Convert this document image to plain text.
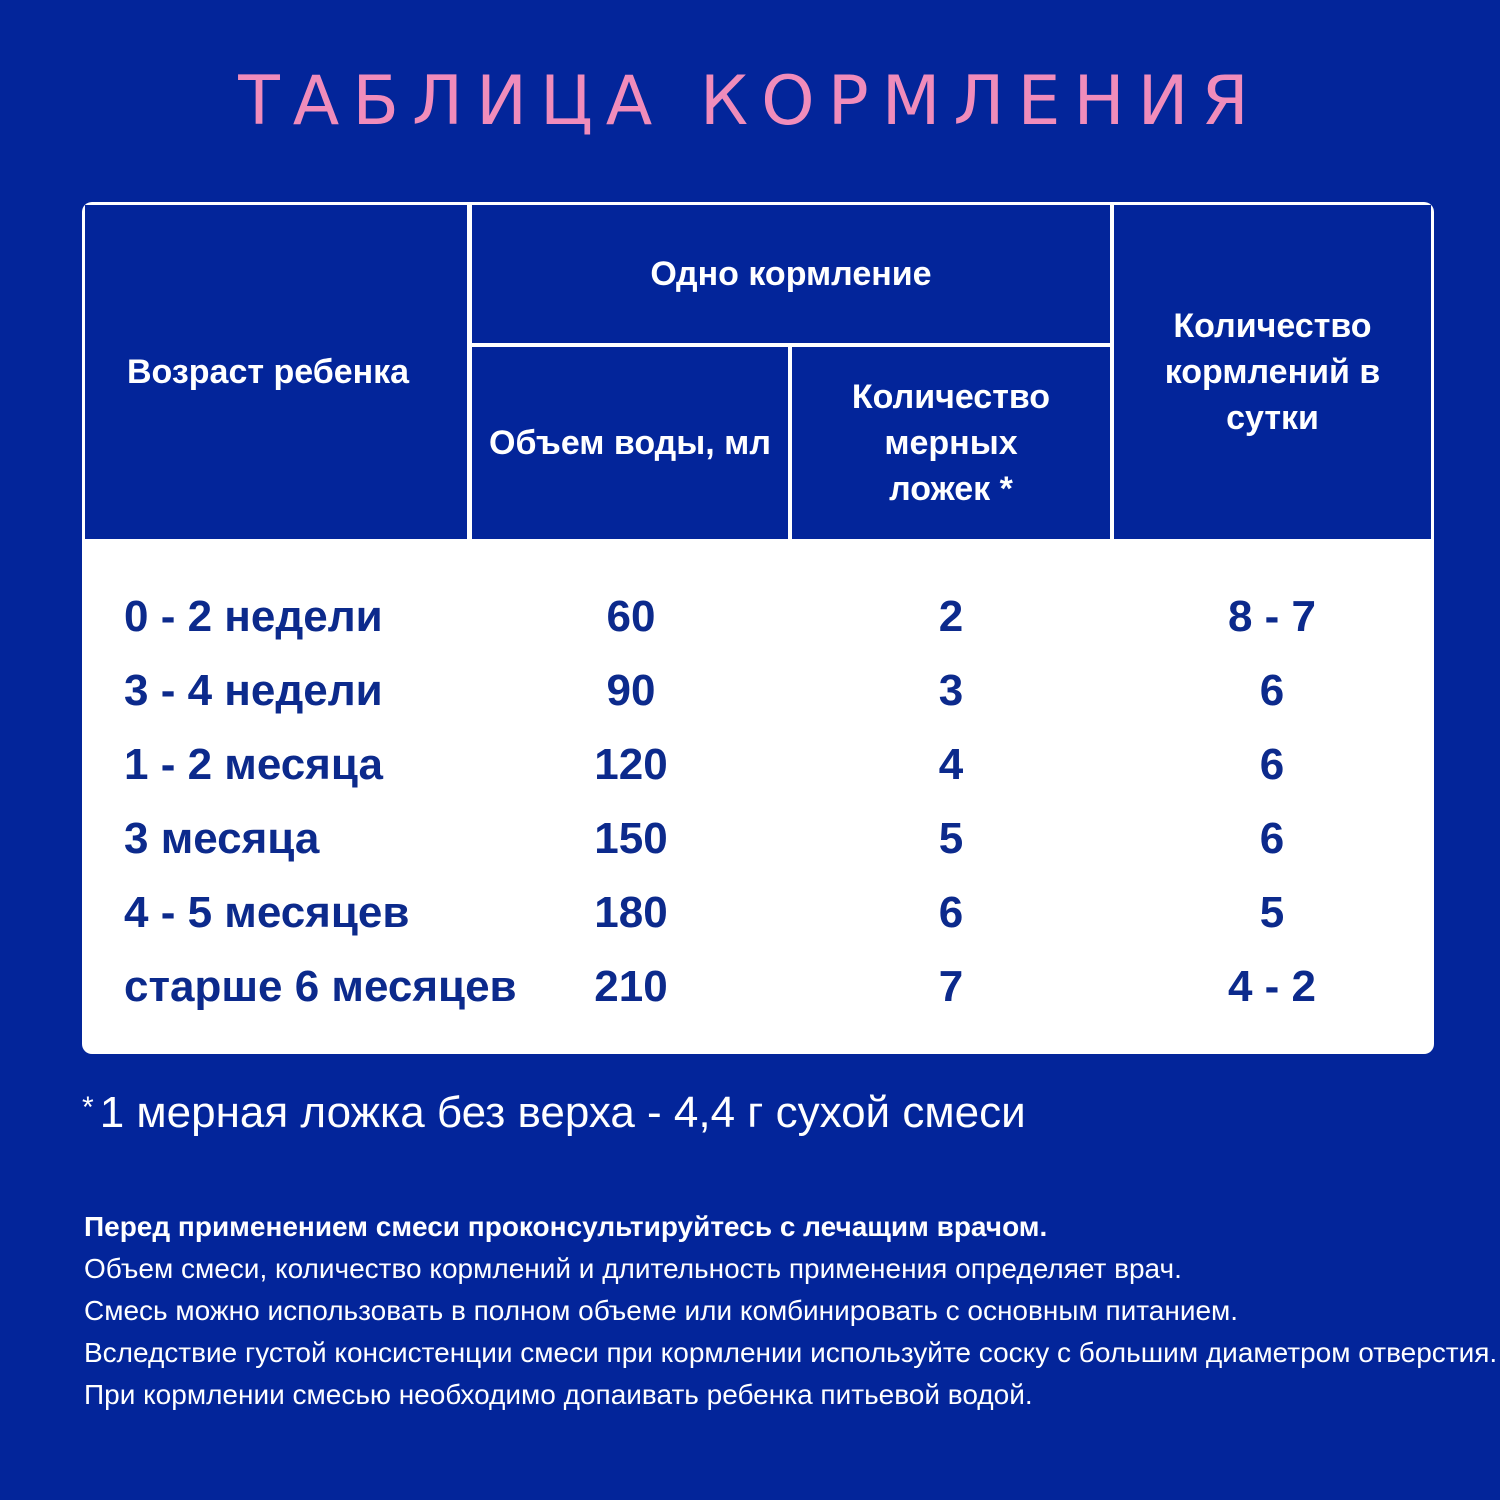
ТАБЛИЦА КОРМЛЕНИЯ
Возраст ребенка
Одно кормление
Объем воды, мл
Количество мерных ложек *
Количество кормлений в сутки
0 - 2 недели	60	2	8 - 7
3 - 4 недели	90	3	6
1 - 2 месяца	120	4	6
3 месяца	150	5	6
4 - 5 месяцев	180	6	5
старше 6 месяцев	210	7	4 - 2
* 1 мерная ложка без верха - 4,4 г сухой смеси
Перед применением смеси проконсультируйтесь с лечащим врачом.
Объем смеси, количество кормлений и длительность применения определяет врач.
Смесь можно использовать в полном объеме или комбинировать с основным питанием.
Вследствие густой консистенции смеси при кормлении используйте соску с большим диаметром отверстия.
При кормлении смесью необходимо допаивать ребенка питьевой водой.
